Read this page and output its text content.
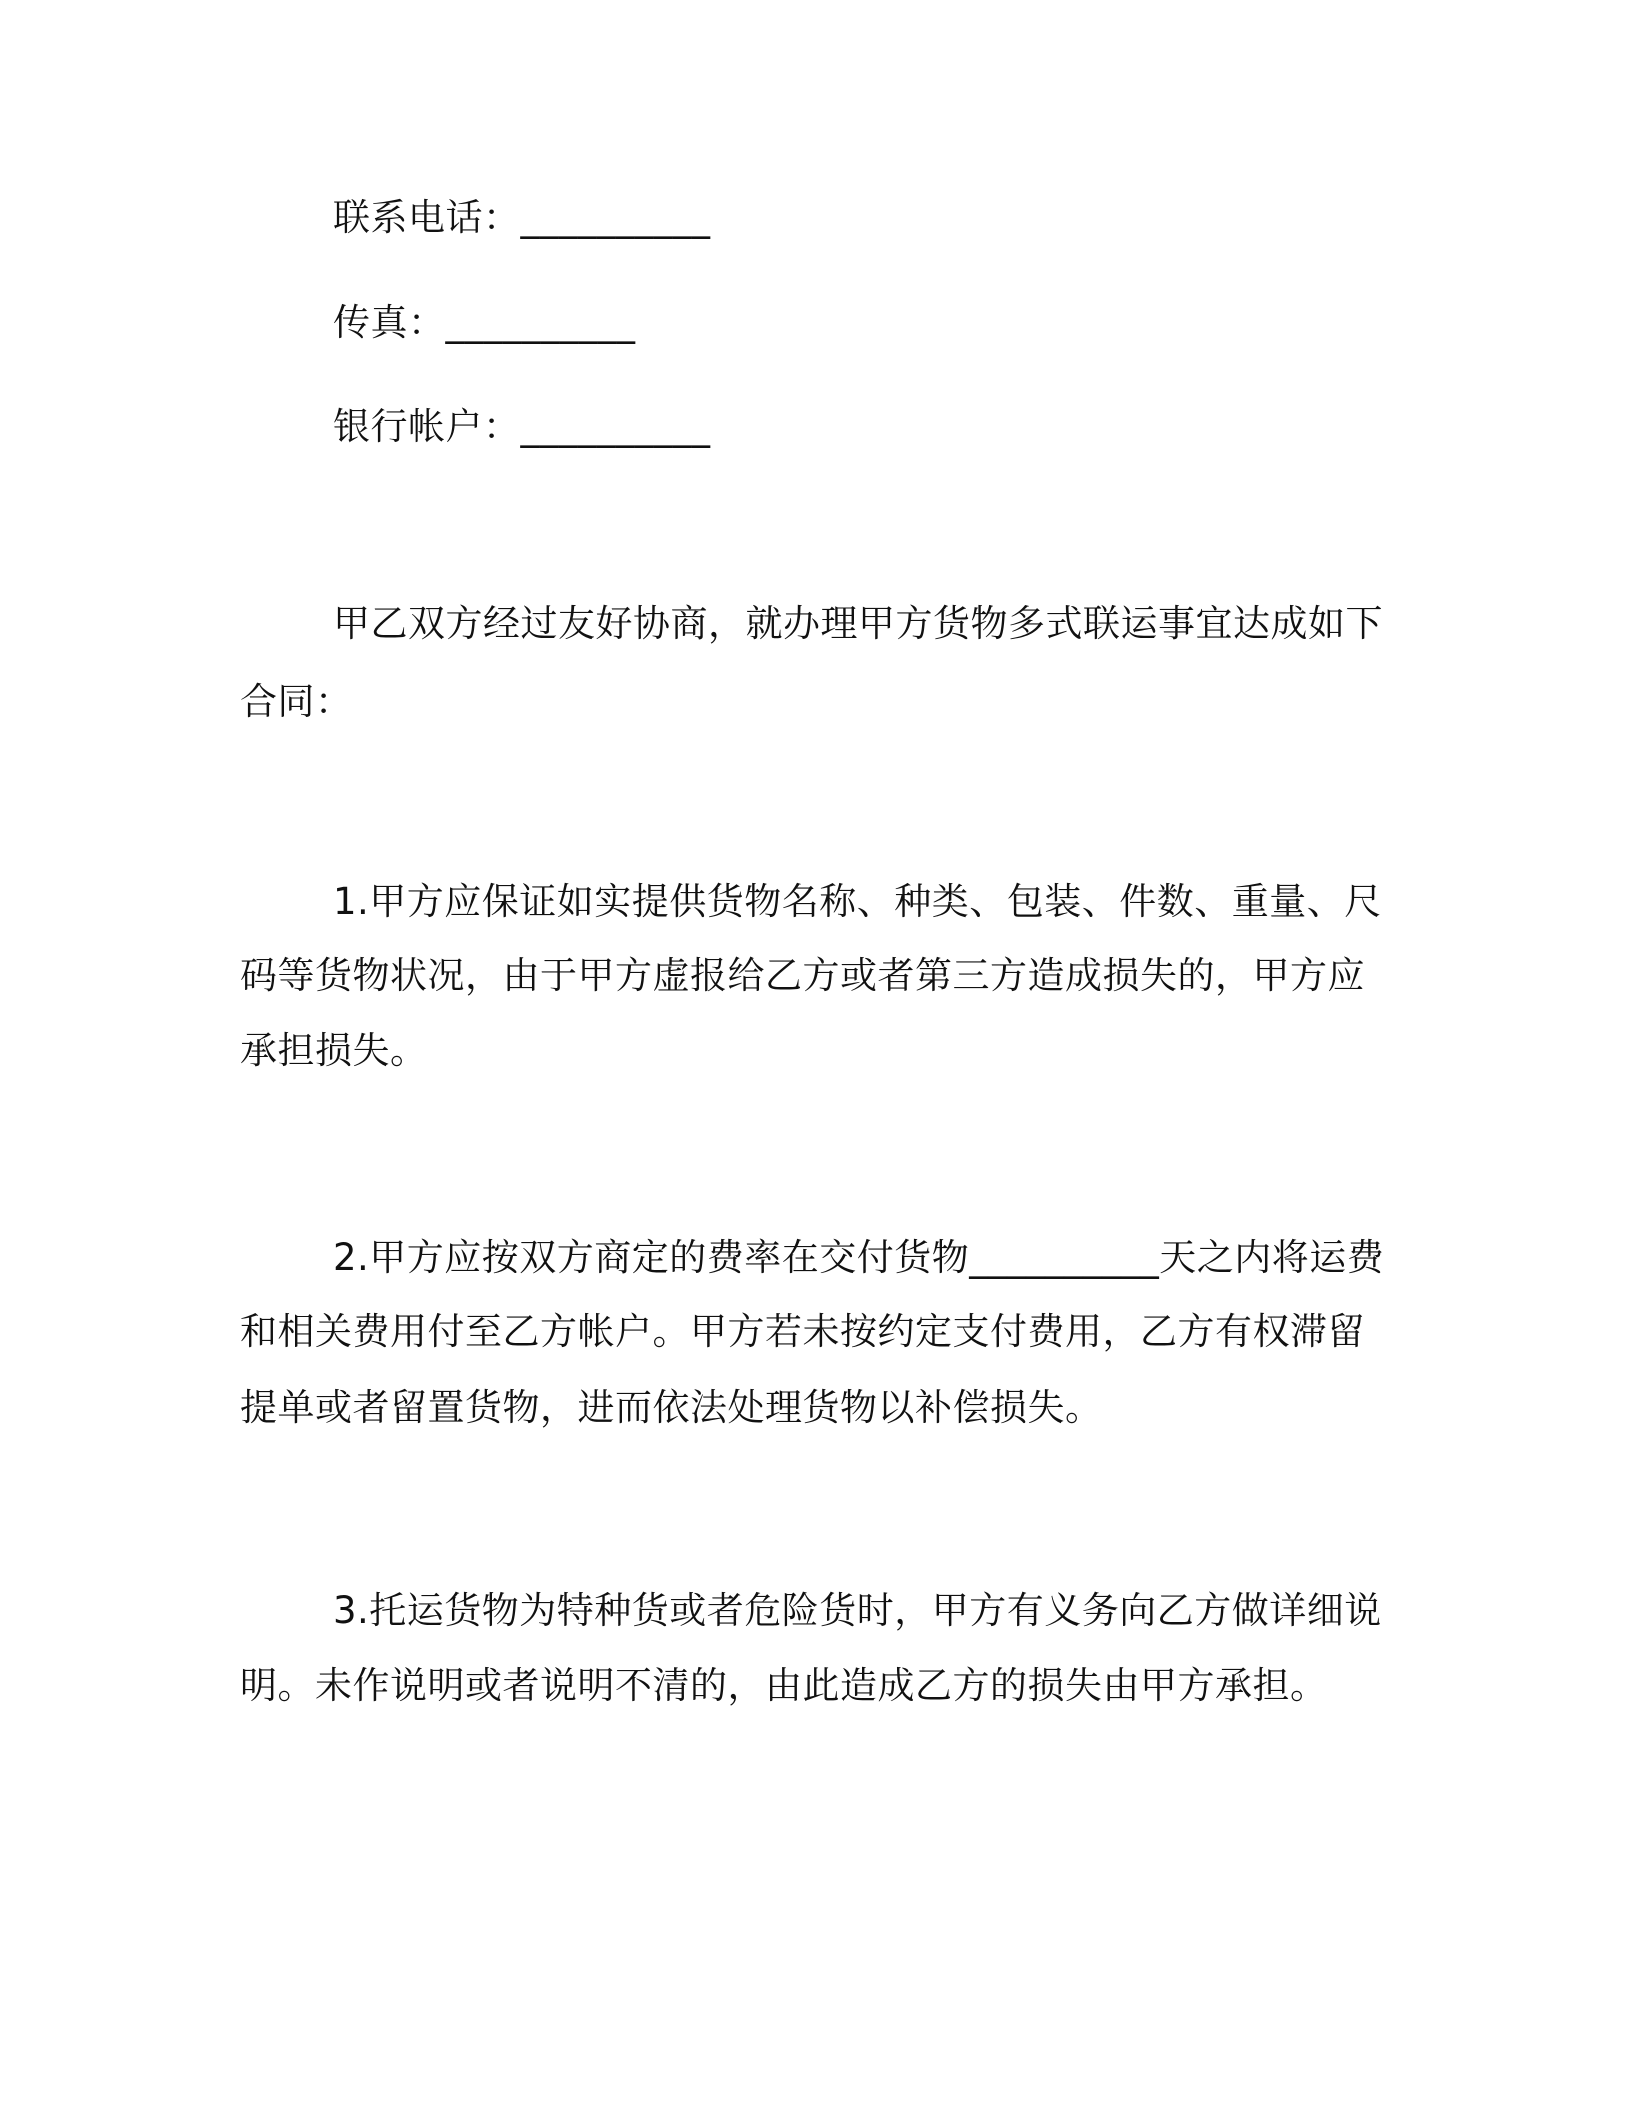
联系电话：__________
传真：__________
银行帐户：__________
甲乙双方经过友好协商，就办理甲方货物多式联运事宜达成如下
合同：
1.甲方应保证如实提供货物名称、种类、包装、件数、重量、尺
码等货物状况，由于甲方虚报给乙方或者第三方造成损失的，甲方应
承担损失。
2.甲方应按双方商定的费率在交付货物__________天之内将运费
和相关费用付至乙方帐户。甲方若未按约定支付费用，乙方有权滞留
提单或者留置货物，进而依法处理货物以补偿损失。
3.托运货物为特种货或者危险货时，甲方有义务向乙方做详细说
明。未作说明或者说明不清的，由此造成乙方的损失由甲方承担。
